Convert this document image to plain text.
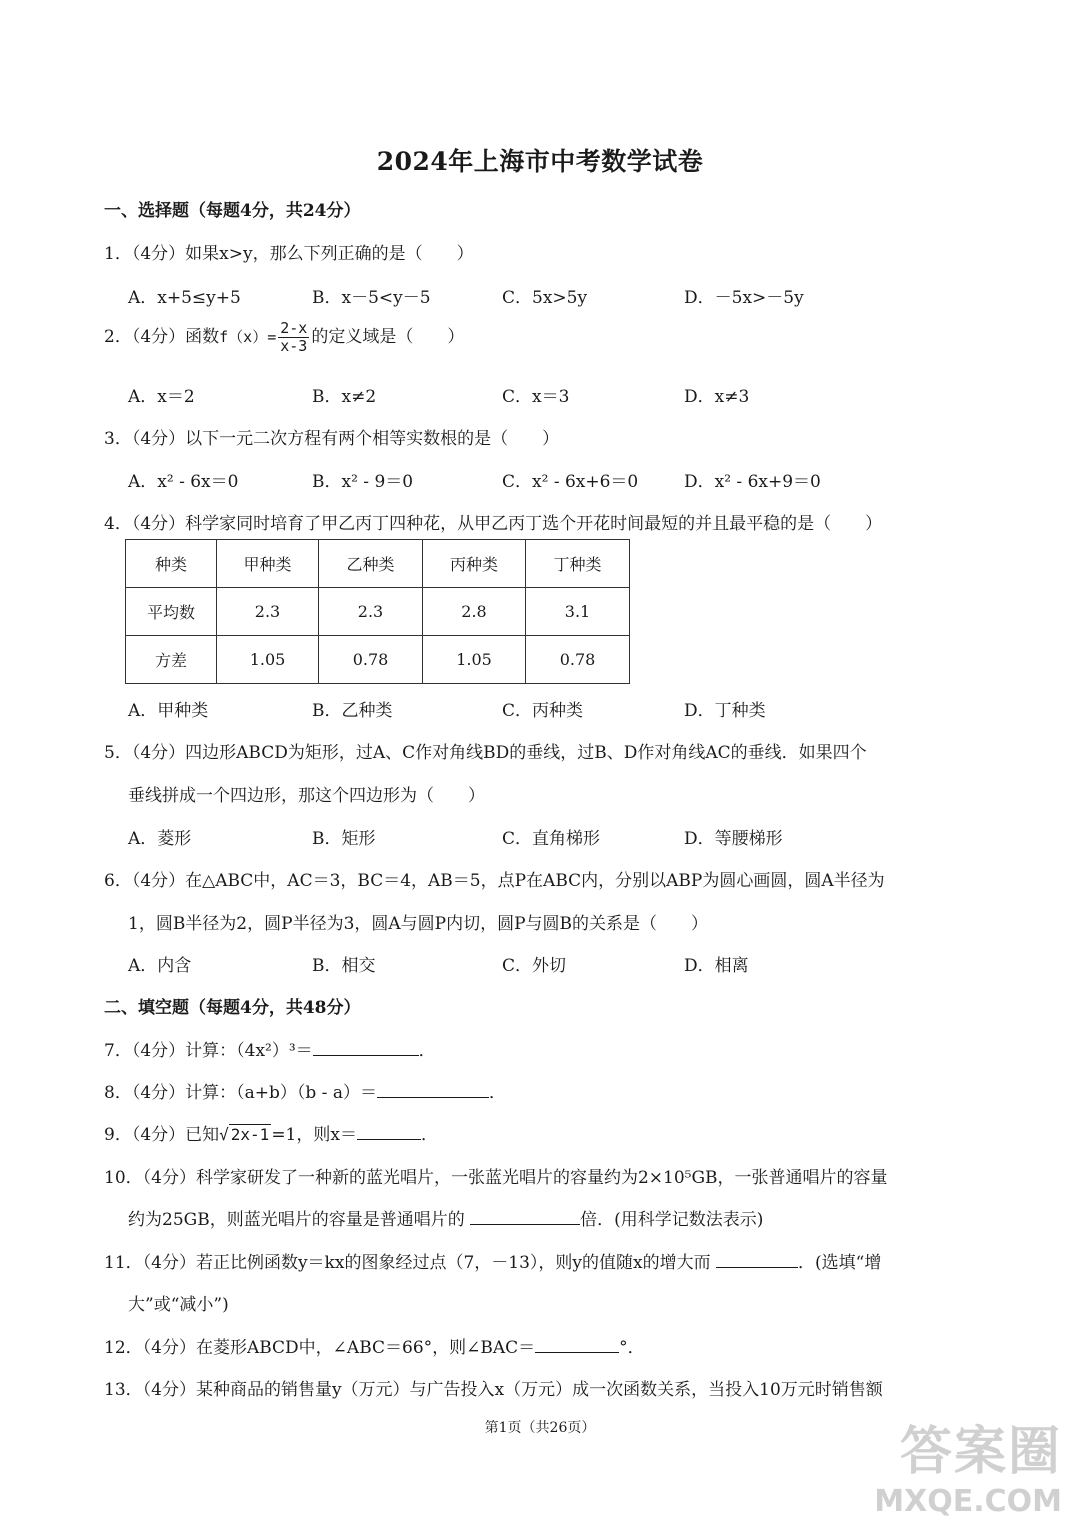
2024年上海市中考数学试卷
一、选择题（每题4分，共24分）
1．（4分）如果x>y，那么下列正确的是（　　）
A．x+5≤y+5	B．x－5<y－5	C．5x>5y	D．－5x>－5y
2．（4分）函数$f(x)= \frac{2-x}{x-3}$ 的定义域是（　　）
A．x＝2	B．x≠2	C．x＝3	D．x≠3
3．（4分）以下一元二次方程有两个相等实数根的是（　　）
A．x² - 6x＝0	B．x² - 9＝0	C．x² - 6x+6＝0	D．x² - 6x+9＝0
4．（4分）科学家同时培育了甲乙丙丁四种花，从甲乙丙丁选个开花时间最短的并且最平稳的是（　　）
种类	甲种类	乙种类	丙种类	丁种类
平均数	2.3	2.3	2.8	3.1
方差	1.05	0.78	1.05	0.78
A．甲种类	B．乙种类	C．丙种类	D．丁种类
5．（4分）四边形ABCD为矩形，过A、C作对角线BD的垂线，过B、D作对角线AC的垂线．如果四个
垂线拼成一个四边形，那这个四边形为（　　）
A．菱形	B．矩形	C．直角梯形	D．等腰梯形
6．（4分）在△ABC中，AC＝3，BC＝4，AB＝5，点P在ABC内，分别以ABP为圆心画圆，圆A半径为
1，圆B半径为2，圆P半径为3，圆A与圆P内切，圆P与圆B的关系是（　　）
A．内含	B．相交	C．外切	D．相离
二、填空题（每题4分，共48分）
7．（4分）计算：（4x²）³＝	．
8．（4分）计算：（a+b）（b - a）＝	．
9．（4分）已知√ 2x-1 =1，则x＝	．
10．（4分）科学家研发了一种新的蓝光唱片，一张蓝光唱片的容量约为2×10⁵GB，一张普通唱片的容量
约为25GB，则蓝光唱片的容量是普通唱片的	倍．(用科学记数法表示)
11．（4分）若正比例函数y＝kx的图象经过点（7，－13），则y的值随x的增大而	．(选填“增
大”或“减小”)
12．（4分）在菱形ABCD中，∠ABC＝66°，则∠BAC＝	°．
13．（4分）某种商品的销售量y（万元）与广告投入x（万元）成一次函数关系，当投入10万元时销售额
第1页（共26页）	答案圈
MXQE.COM
